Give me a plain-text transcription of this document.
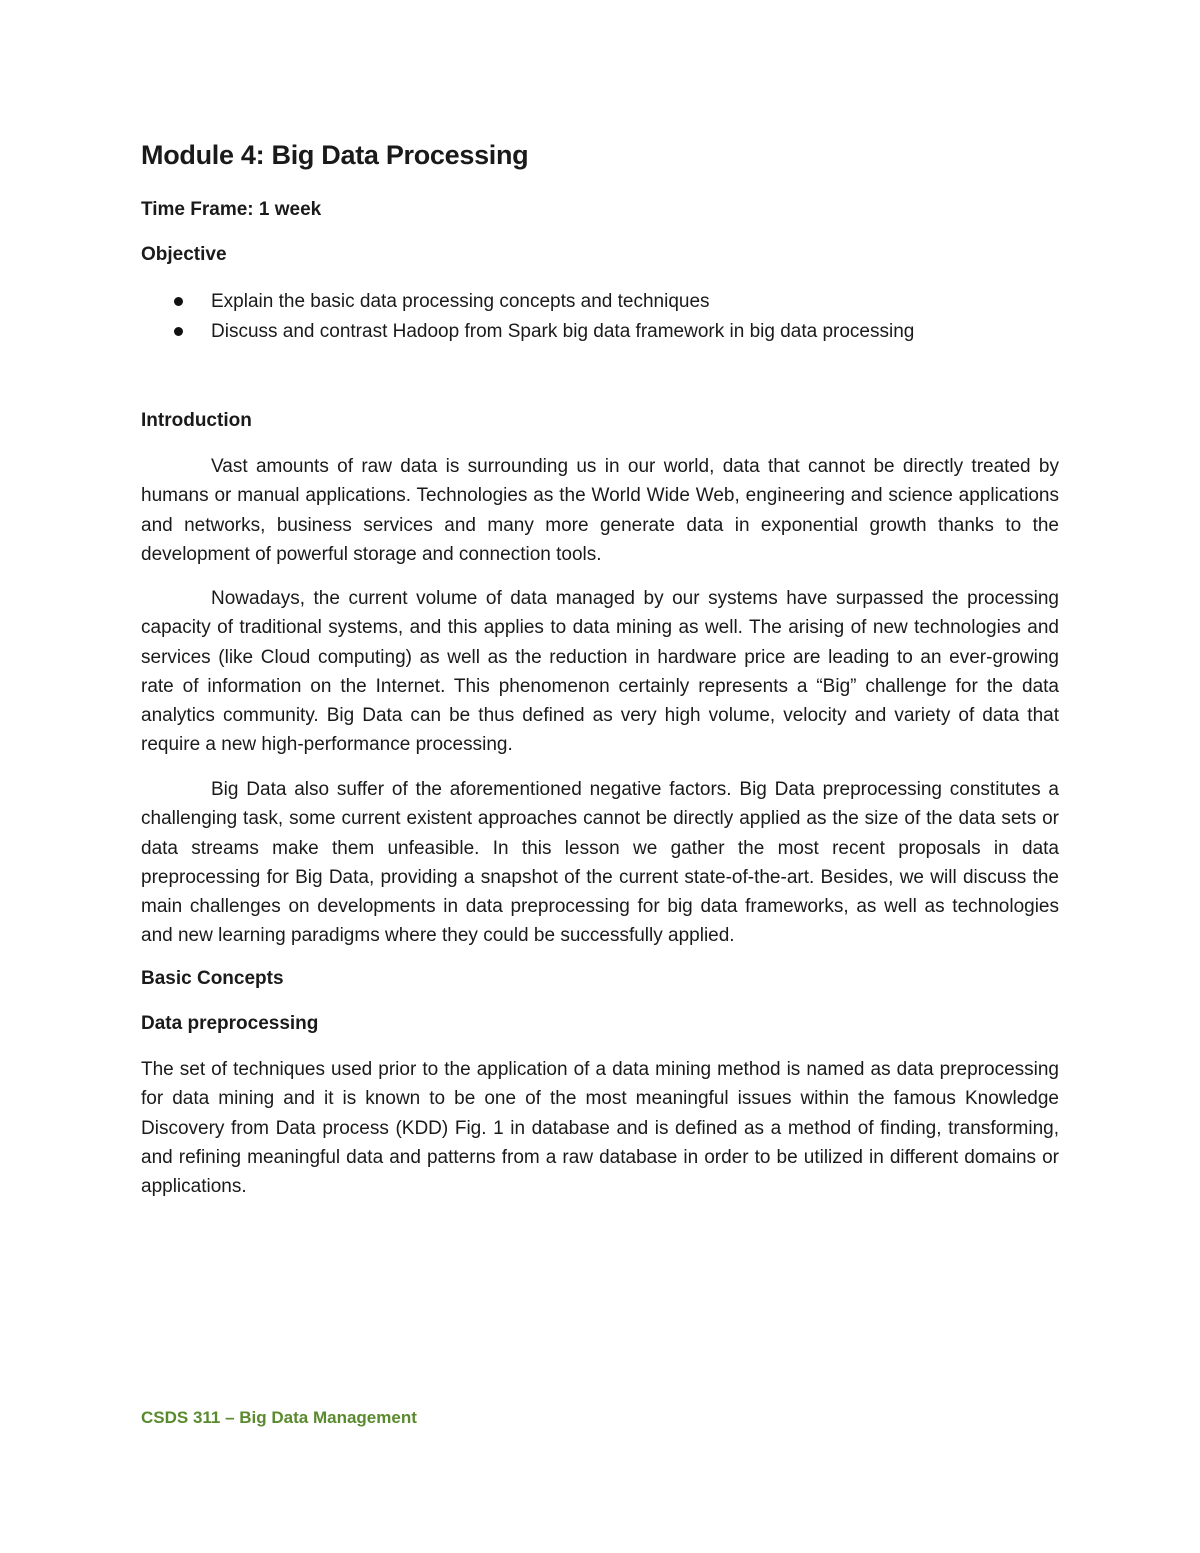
Module 4: Big Data Processing

Time Frame: 1 week

Objective

Explain the basic data processing concepts and techniques
Discuss and contrast Hadoop from Spark big data framework in big data processing

Introduction

Vast amounts of raw data is surrounding us in our world, data that cannot be directly treated by humans or manual applications. Technologies as the World Wide Web, engineering and science applications and networks, business services and many more generate data in exponential growth thanks to the development of powerful storage and connection tools.

Nowadays, the current volume of data managed by our systems have surpassed the processing capacity of traditional systems, and this applies to data mining as well. The arising of new technologies and services (like Cloud computing) as well as the reduction in hardware price are leading to an ever-growing rate of information on the Internet. This phenomenon certainly represents a “Big” challenge for the data analytics community. Big Data can be thus defined as very high volume, velocity and variety of data that require a new high-performance processing.

Big Data also suffer of the aforementioned negative factors. Big Data preprocessing constitutes a challenging task, some current existent approaches cannot be directly applied as the size of the data sets or data streams make them unfeasible. In this lesson we gather the most recent proposals in data preprocessing for Big Data, providing a snapshot of the current state-of-the-art. Besides, we will discuss the main challenges on developments in data preprocessing for big data frameworks, as well as technologies and new learning paradigms where they could be successfully applied.

Basic Concepts

Data preprocessing

The set of techniques used prior to the application of a data mining method is named as data preprocessing for data mining and it is known to be one of the most meaningful issues within the famous Knowledge Discovery from Data process (KDD) Fig. 1 in database and is defined as a method of finding, transforming, and refining meaningful data and patterns from a raw database in order to be utilized in different domains or applications.

CSDS 311 – Big Data Management
